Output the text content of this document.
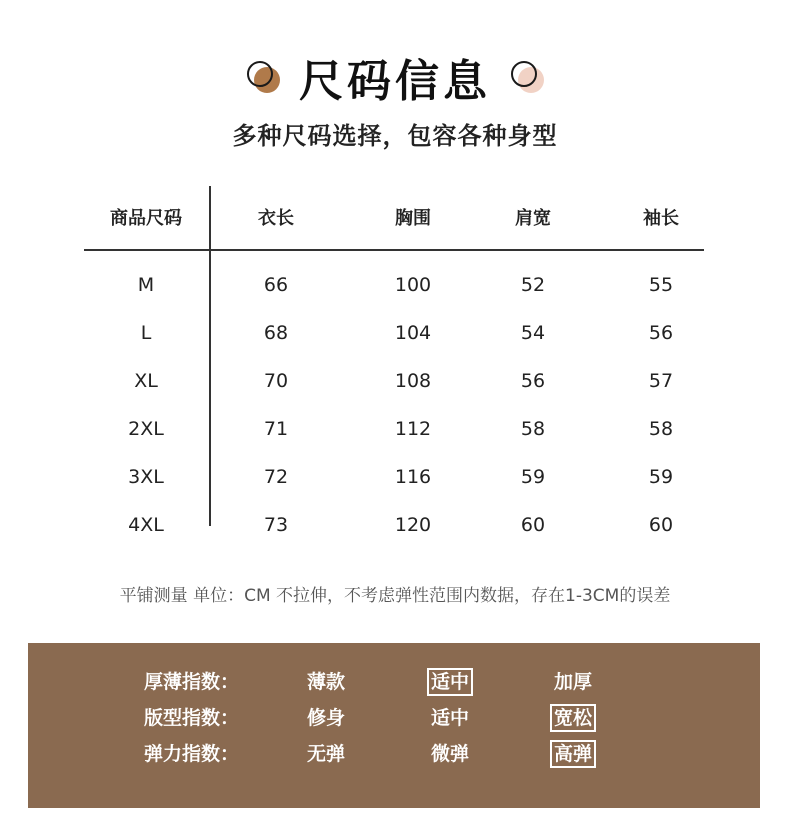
尺码信息
多种尺码选择，包容各种身型
商品尺码	衣长	胸围	肩宽	袖长
M	66	100	52	55
L	68	104	54	56
XL	70	108	56	57
2XL	71	112	58	58
3XL	72	116	59	59
4XL	73	120	60	60
平铺测量 单位：CM 不拉伸，不考虑弹性范围内数据，存在1-3CM的误差
厚薄指数：	薄款	适中	加厚
版型指数：	修身	适中	宽松
弹力指数：	无弹	微弹	高弹
